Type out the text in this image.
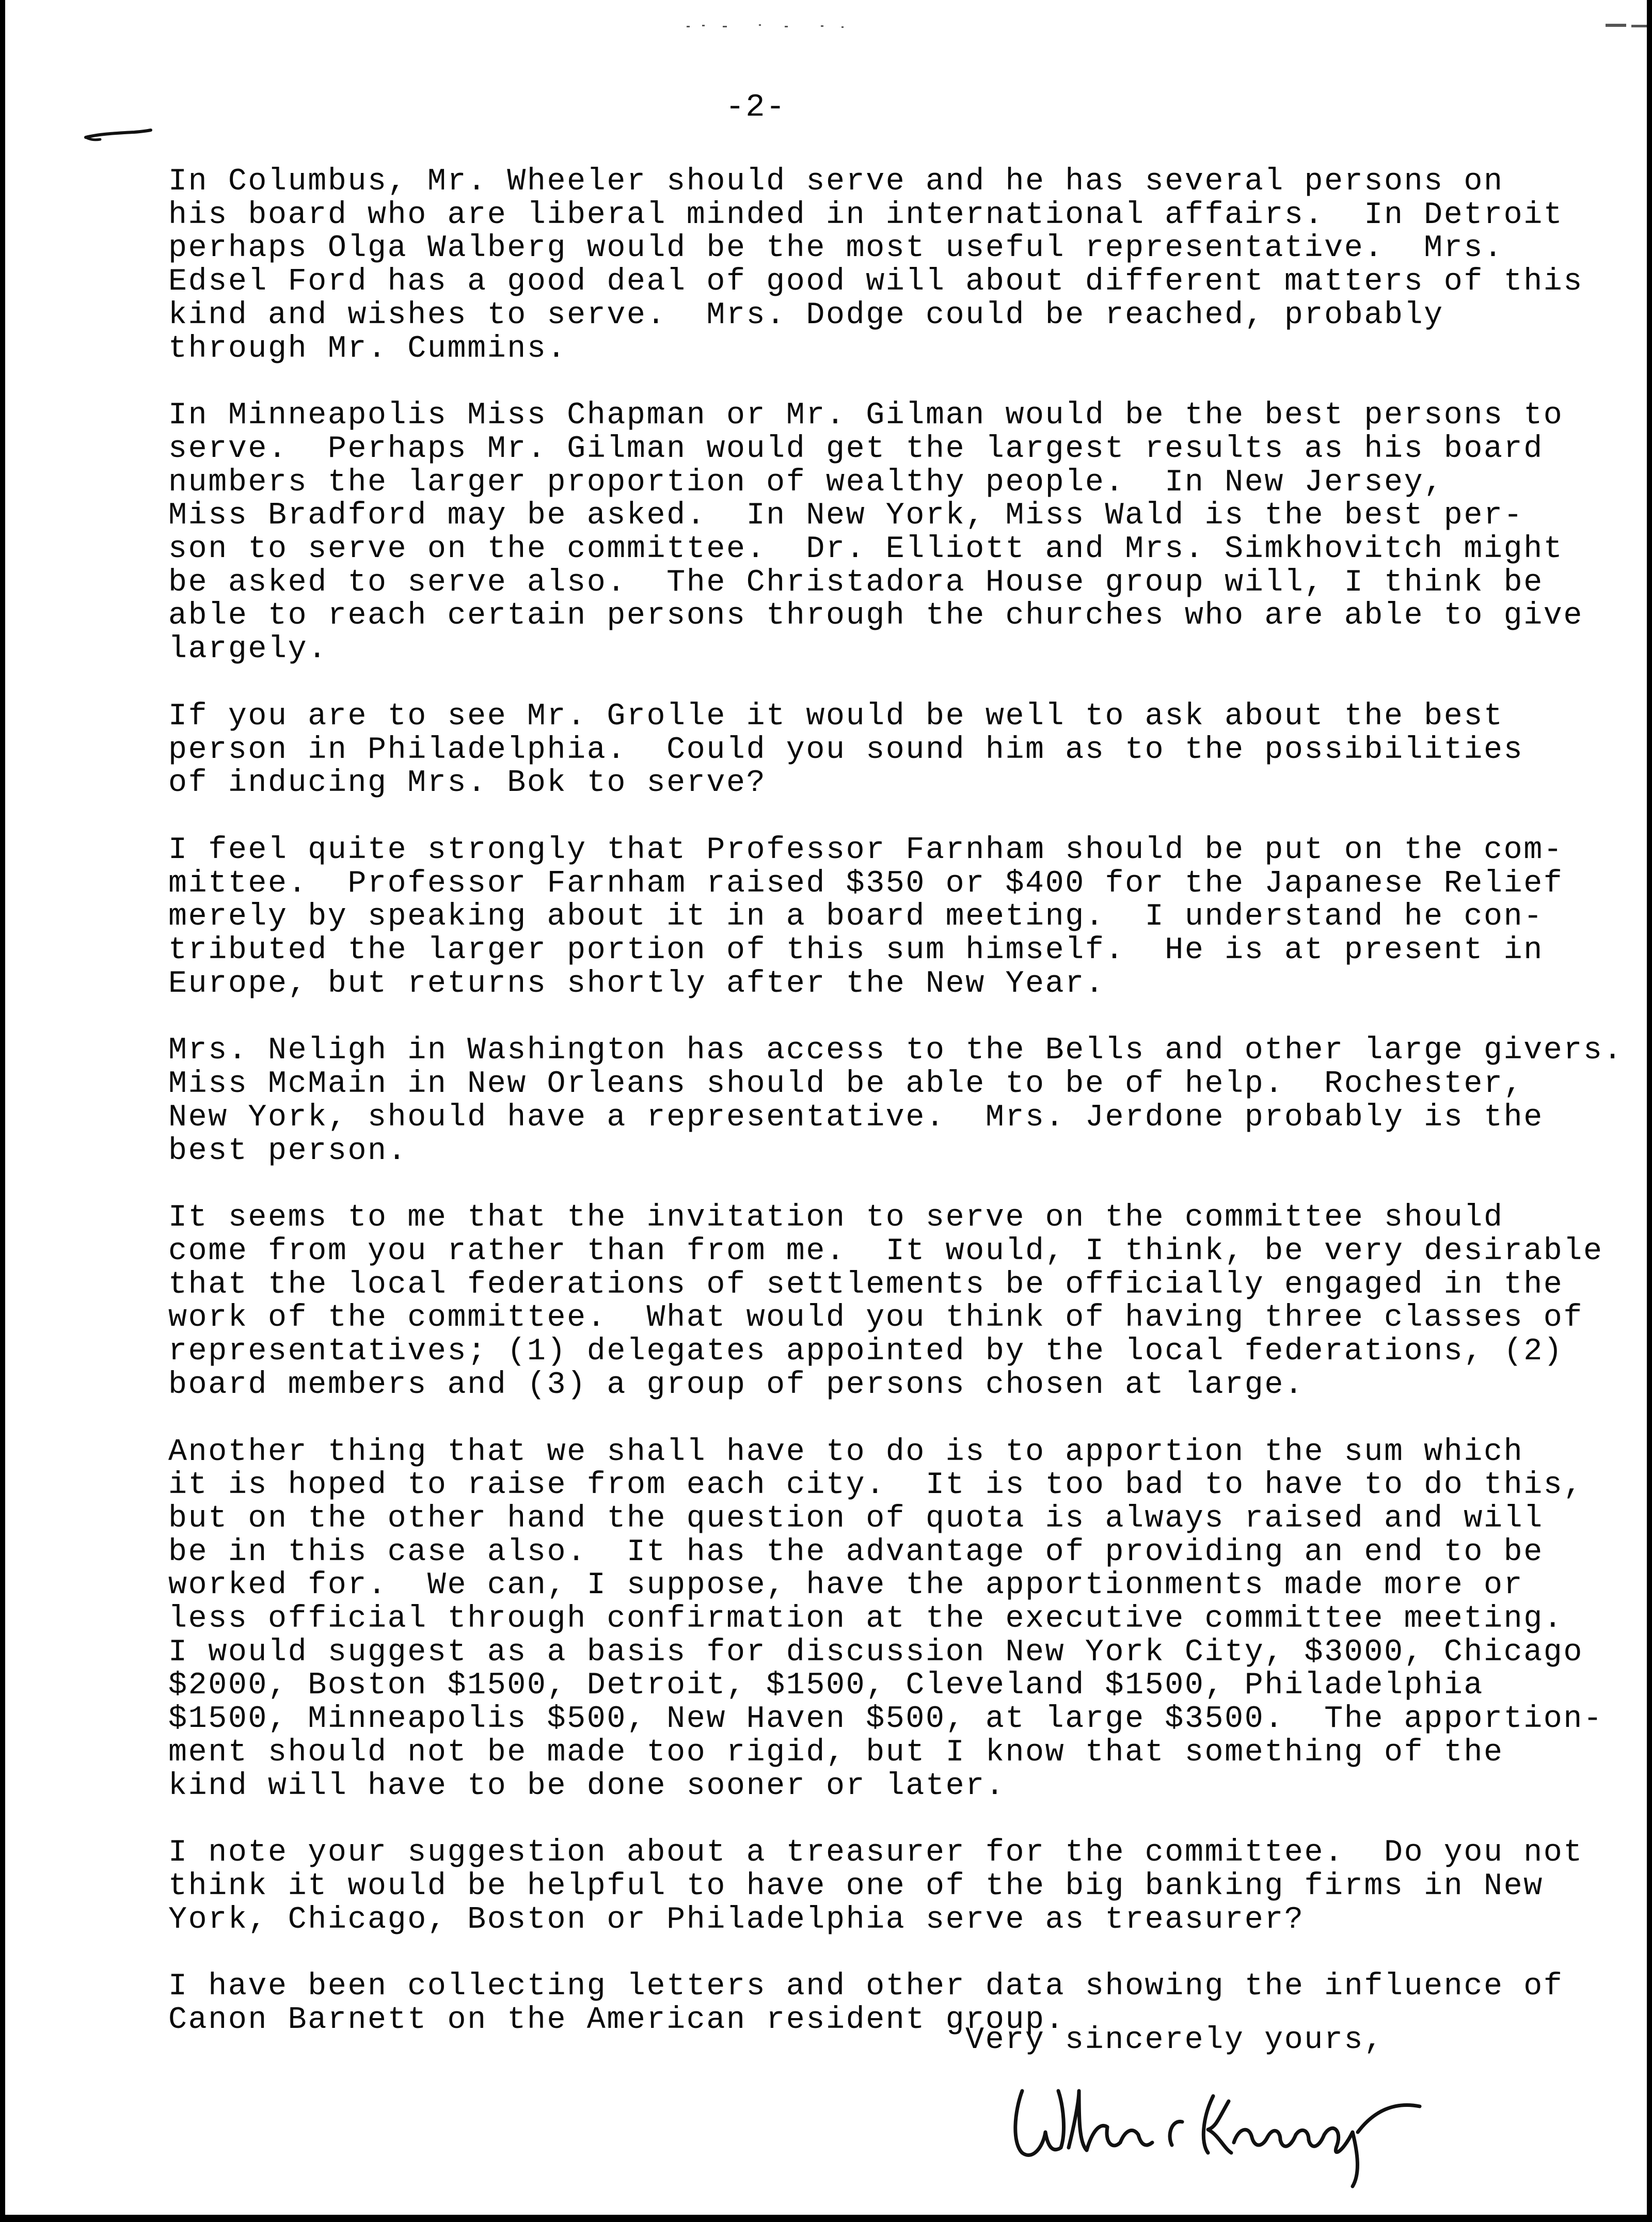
-2-

In Columbus, Mr. Wheeler should serve and he has several persons on
his board who are liberal minded in international affairs.  In Detroit
perhaps Olga Walberg would be the most useful representative.  Mrs.
Edsel Ford has a good deal of good will about different matters of this
kind and wishes to serve.  Mrs. Dodge could be reached, probably
through Mr. Cummins.

In Minneapolis Miss Chapman or Mr. Gilman would be the best persons to
serve.  Perhaps Mr. Gilman would get the largest results as his board
numbers the larger proportion of wealthy people.  In New Jersey,
Miss Bradford may be asked.  In New York, Miss Wald is the best per-
son to serve on the committee.  Dr. Elliott and Mrs. Simkhovitch might
be asked to serve also.  The Christadora House group will, I think be
able to reach certain persons through the churches who are able to give
largely.

If you are to see Mr. Grolle it would be well to ask about the best
person in Philadelphia.  Could you sound him as to the possibilities
of inducing Mrs. Bok to serve?

I feel quite strongly that Professor Farnham should be put on the com-
mittee.  Professor Farnham raised $350 or $400 for the Japanese Relief
merely by speaking about it in a board meeting.  I understand he con-
tributed the larger portion of this sum himself.  He is at present in
Europe, but returns shortly after the New Year.

Mrs. Neligh in Washington has access to the Bells and other large givers.
Miss McMain in New Orleans should be able to be of help.  Rochester,
New York, should have a representative.  Mrs. Jerdone probably is the
best person.

It seems to me that the invitation to serve on the committee should
come from you rather than from me.  It would, I think, be very desirable
that the local federations of settlements be officially engaged in the
work of the committee.  What would you think of having three classes of
representatives; (1) delegates appointed by the local federations, (2)
board members and (3) a group of persons chosen at large.

Another thing that we shall have to do is to apportion the sum which
it is hoped to raise from each city.  It is too bad to have to do this,
but on the other hand the question of quota is always raised and will
be in this case also.  It has the advantage of providing an end to be
worked for.  We can, I suppose, have the apportionments made more or
less official through confirmation at the executive committee meeting.
I would suggest as a basis for discussion New York City, $3000, Chicago
$2000, Boston $1500, Detroit, $1500, Cleveland $1500, Philadelphia
$1500, Minneapolis $500, New Haven $500, at large $3500.  The apportion-
ment should not be made too rigid, but I know that something of the
kind will have to be done sooner or later.

I note your suggestion about a treasurer for the committee.  Do you not
think it would be helpful to have one of the big banking firms in New
York, Chicago, Boston or Philadelphia serve as treasurer?

I have been collecting letters and other data showing the influence of
Canon Barnett on the American resident group.

Very sincerely yours,
